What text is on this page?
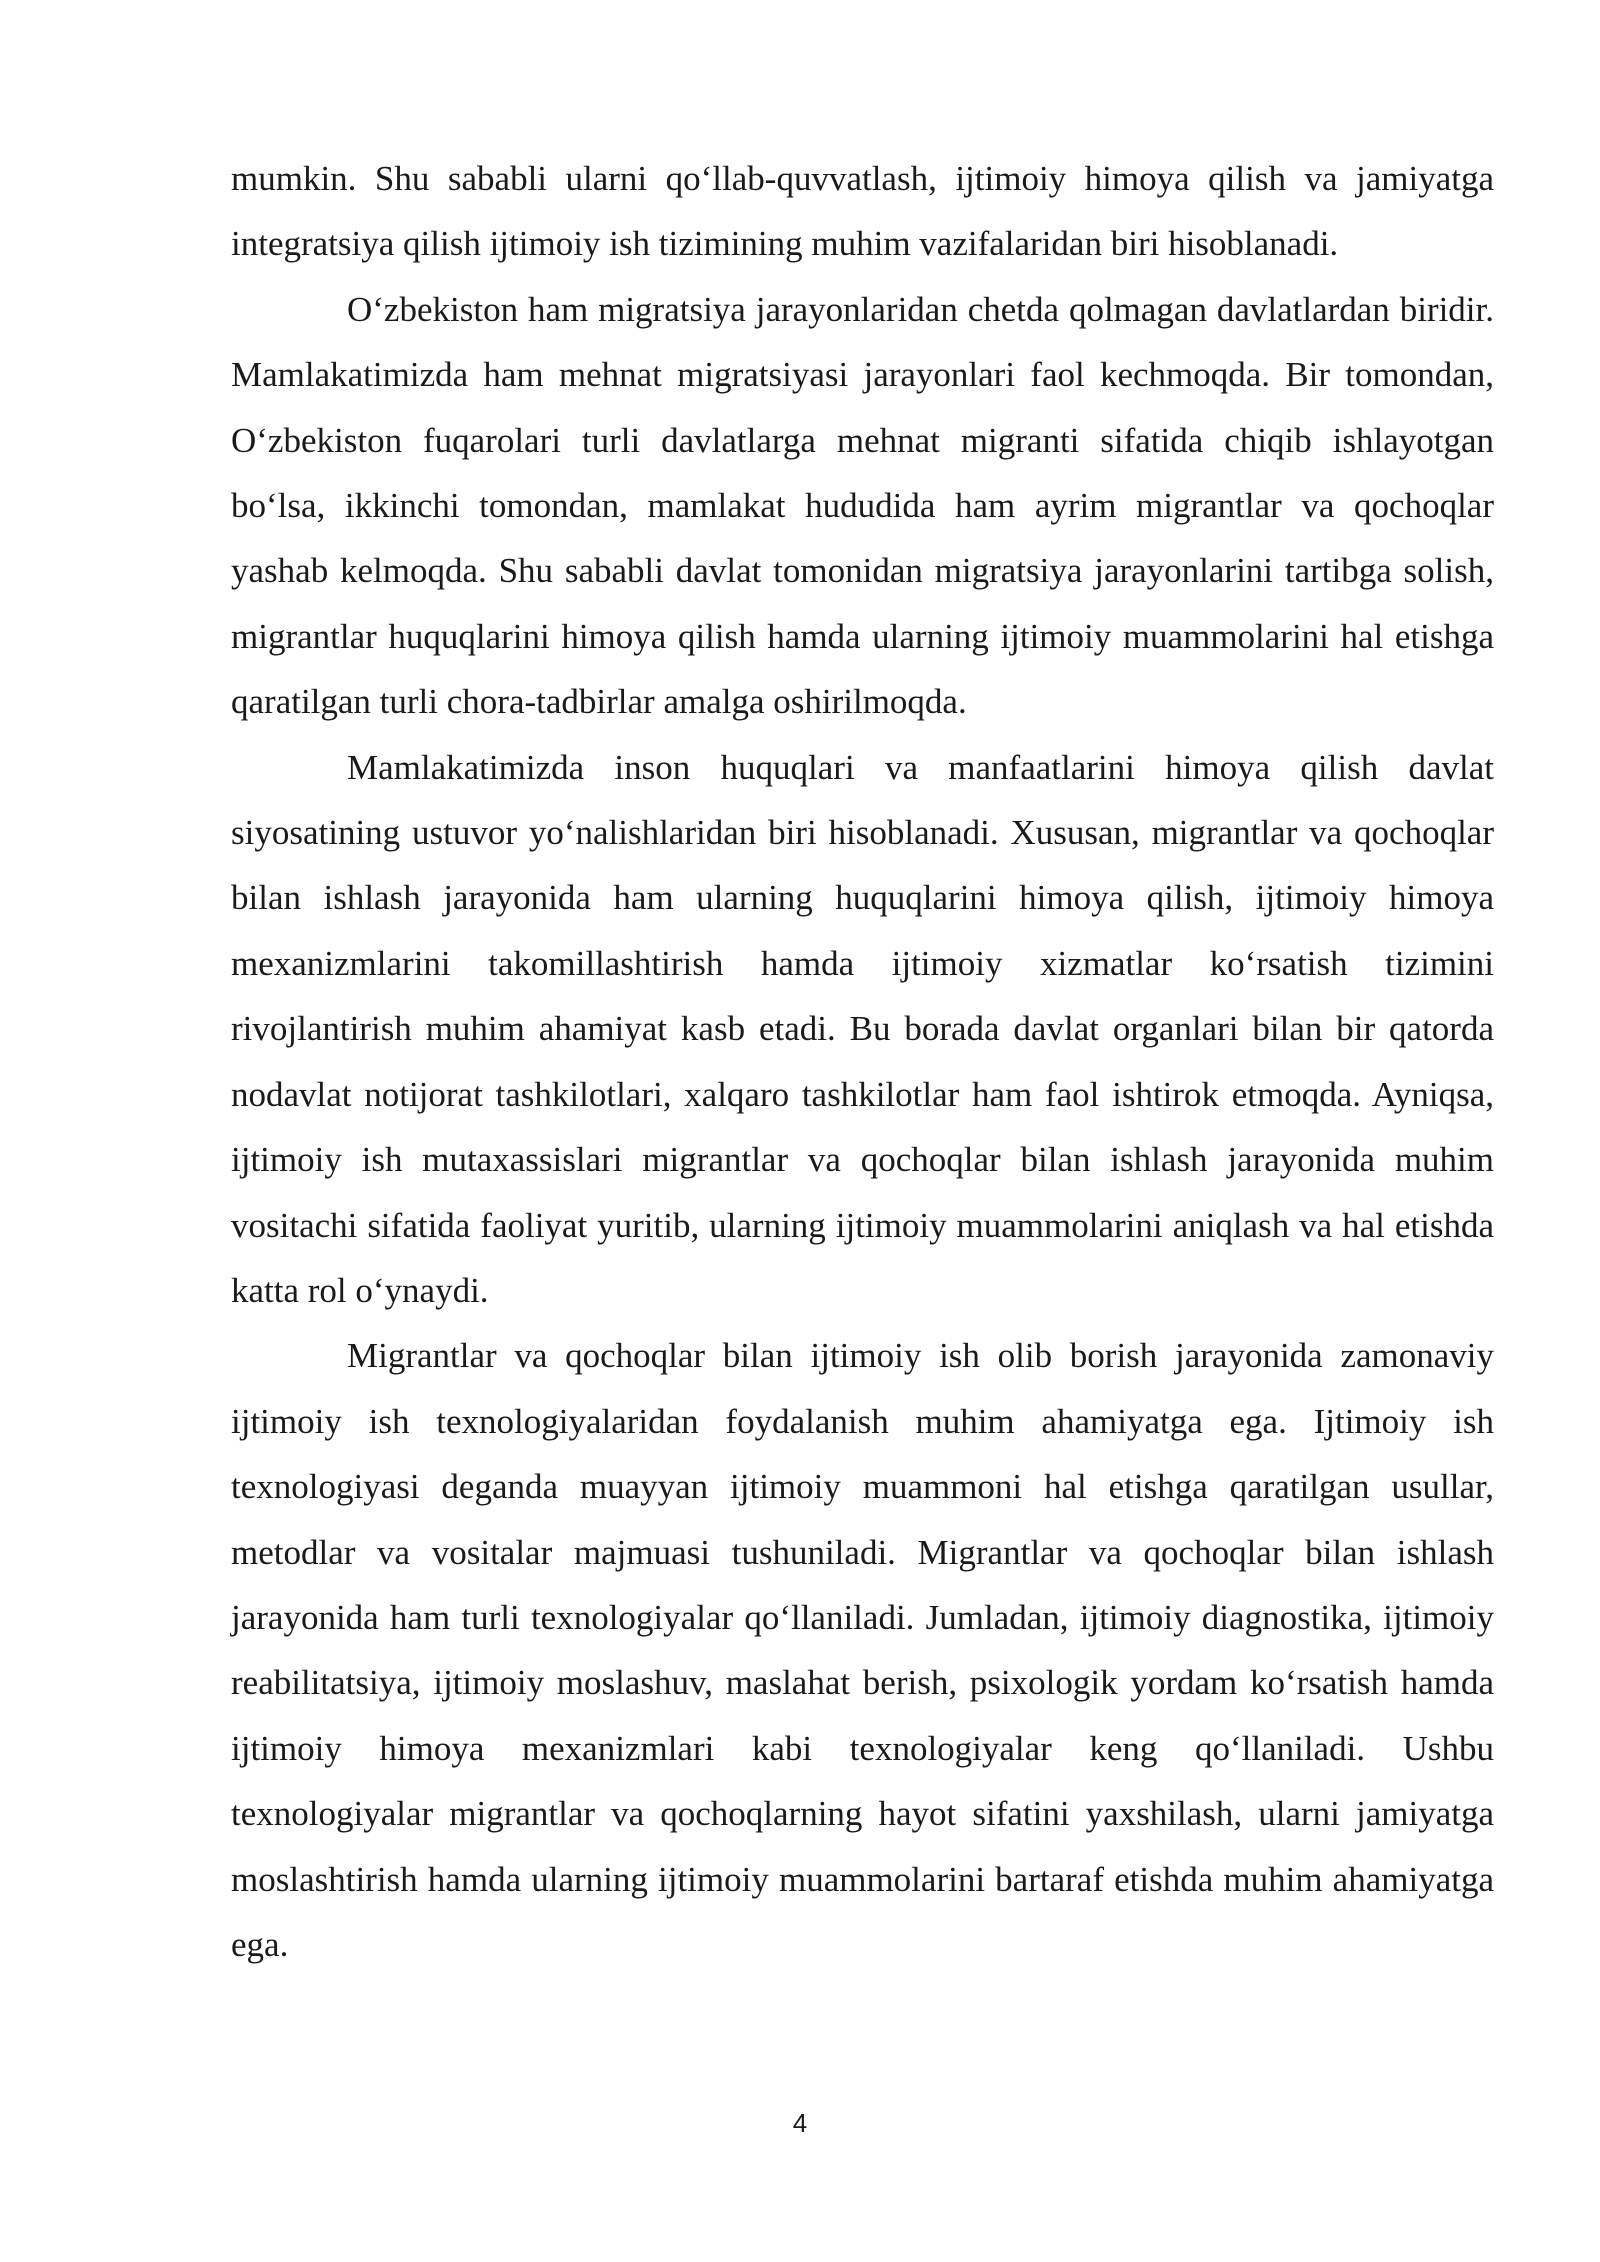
mumkin. Shu sababli ularni qo‘llab-quvvatlash, ijtimoiy himoya qilish va jamiyatga integratsiya qilish ijtimoiy ish tizimining muhim vazifalaridan biri hisoblanadi.

O‘zbekiston ham migratsiya jarayonlaridan chetda qolmagan davlatlardan biridir. Mamlakatimizda ham mehnat migratsiyasi jarayonlari faol kechmoqda. Bir tomondan, O‘zbekiston fuqarolari turli davlatlarga mehnat migranti sifatida chiqib ishlayotgan bo‘lsa, ikkinchi tomondan, mamlakat hududida ham ayrim migrantlar va qochoqlar yashab kelmoqda. Shu sababli davlat tomonidan migratsiya jarayonlarini tartibga solish, migrantlar huquqlarini himoya qilish hamda ularning ijtimoiy muammolarini hal etishga qaratilgan turli chora-tadbirlar amalga oshirilmoqda.

Mamlakatimizda inson huquqlari va manfaatlarini himoya qilish davlat siyosatining ustuvor yo‘nalishlaridan biri hisoblanadi. Xususan, migrantlar va qochoqlar bilan ishlash jarayonida ham ularning huquqlarini himoya qilish, ijtimoiy himoya mexanizmlarini takomillashtirish hamda ijtimoiy xizmatlar ko‘rsatish tizimini rivojlantirish muhim ahamiyat kasb etadi. Bu borada davlat organlari bilan bir qatorda nodavlat notijorat tashkilotlari, xalqaro tashkilotlar ham faol ishtirok etmoqda. Ayniqsa, ijtimoiy ish mutaxassislari migrantlar va qochoqlar bilan ishlash jarayonida muhim vositachi sifatida faoliyat yuritib, ularning ijtimoiy muammolarini aniqlash va hal etishda katta rol o‘ynaydi.

Migrantlar va qochoqlar bilan ijtimoiy ish olib borish jarayonida zamonaviy ijtimoiy ish texnologiyalaridan foydalanish muhim ahamiyatga ega. Ijtimoiy ish texnologiyasi deganda muayyan ijtimoiy muammoni hal etishga qaratilgan usullar, metodlar va vositalar majmuasi tushuniladi. Migrantlar va qochoqlar bilan ishlash jarayonida ham turli texnologiyalar qo‘llaniladi. Jumladan, ijtimoiy diagnostika, ijtimoiy reabilitatsiya, ijtimoiy moslashuv, maslahat berish, psixologik yordam ko‘rsatish hamda ijtimoiy himoya mexanizmlari kabi texnologiyalar keng qo‘llaniladi. Ushbu texnologiyalar migrantlar va qochoqlarning hayot sifatini yaxshilash, ularni jamiyatga moslashtirish hamda ularning ijtimoiy muammolarini bartaraf etishda muhim ahamiyatga ega.

4
